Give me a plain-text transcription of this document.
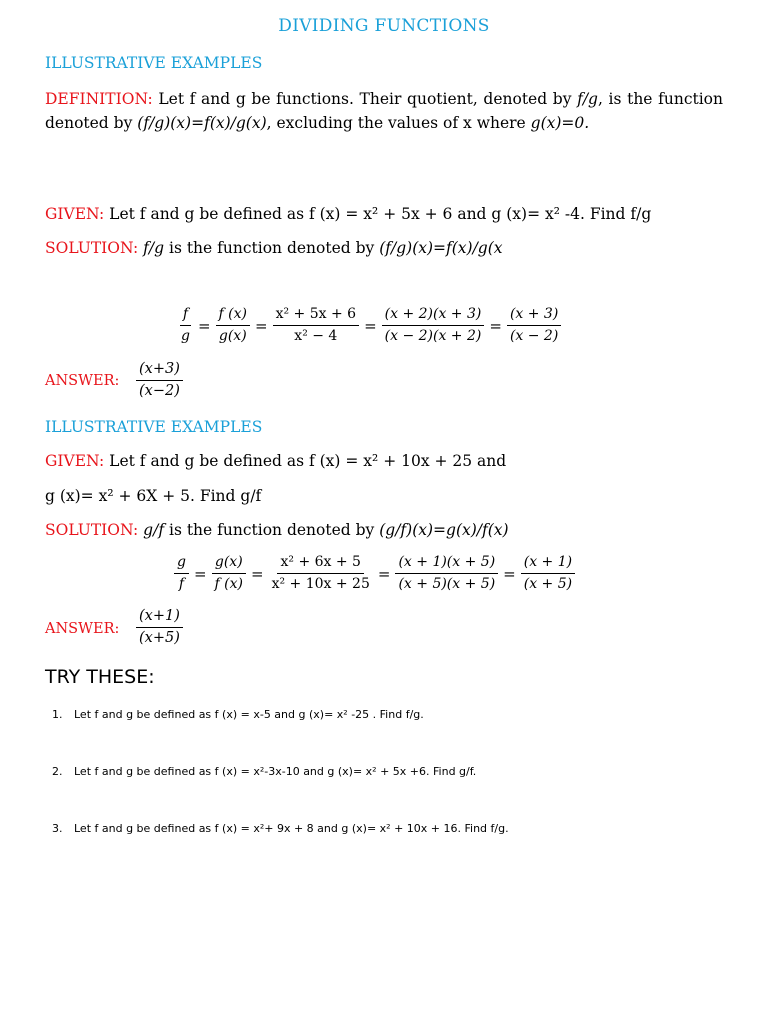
DIVIDING FUNCTIONS
ILLUSTRATIVE EXAMPLES
DEFINITION: Let f and g be functions. Their quotient, denoted by f/g, is the function denoted by (f/g)(x)=f(x)/g(x), excluding the values of x where g(x)=0.
GIVEN: Let f and g be defined as f (x) = x² + 5x + 6 and g (x)= x² -4. Find f/g
SOLUTION: f/g is the function denoted by (f/g)(x)=f(x)/g(x
$\frac{f}{g} = \frac{f (x)}{g(x)} = \frac{\text{x² + 5x + 6}}{\text{x² − 4}} = \frac{(x + 2)(x + 3)}{(x - 2)(x + 2)} = \frac{(x + 3)}{(x - 2)}$
ANSWER: $\frac{(x+3)}{(x-2)}$
ILLUSTRATIVE EXAMPLES
GIVEN: Let f and g be defined as f (x) = x² + 10x + 25 and
g (x)= x² + 6X + 5. Find g/f
SOLUTION: g/f is the function denoted by (g/f)(x)=g(x)/f(x)
$\frac{g}{f} = \frac{g(x)}{f (x)} = \frac{\text{x² + 6x + 5}}{\text{x² + 10x + 25}} = \frac{(x + 1)(x + 5)}{(x + 5)(x + 5)} = \frac{(x + 1)}{(x + 5)}$
ANSWER: $\frac{(x+1)}{(x+5)}$
TRY THESE:
1. Let f and g be defined as f (x) = x-5 and g (x)= x² -25 . Find f/g.
2. Let f and g be defined as f (x) = x²-3x-10 and g (x)= x² + 5x +6. Find g/f.
3. Let f and g be defined as f (x) = x²+ 9x + 8 and g (x)= x² + 10x + 16. Find f/g.
